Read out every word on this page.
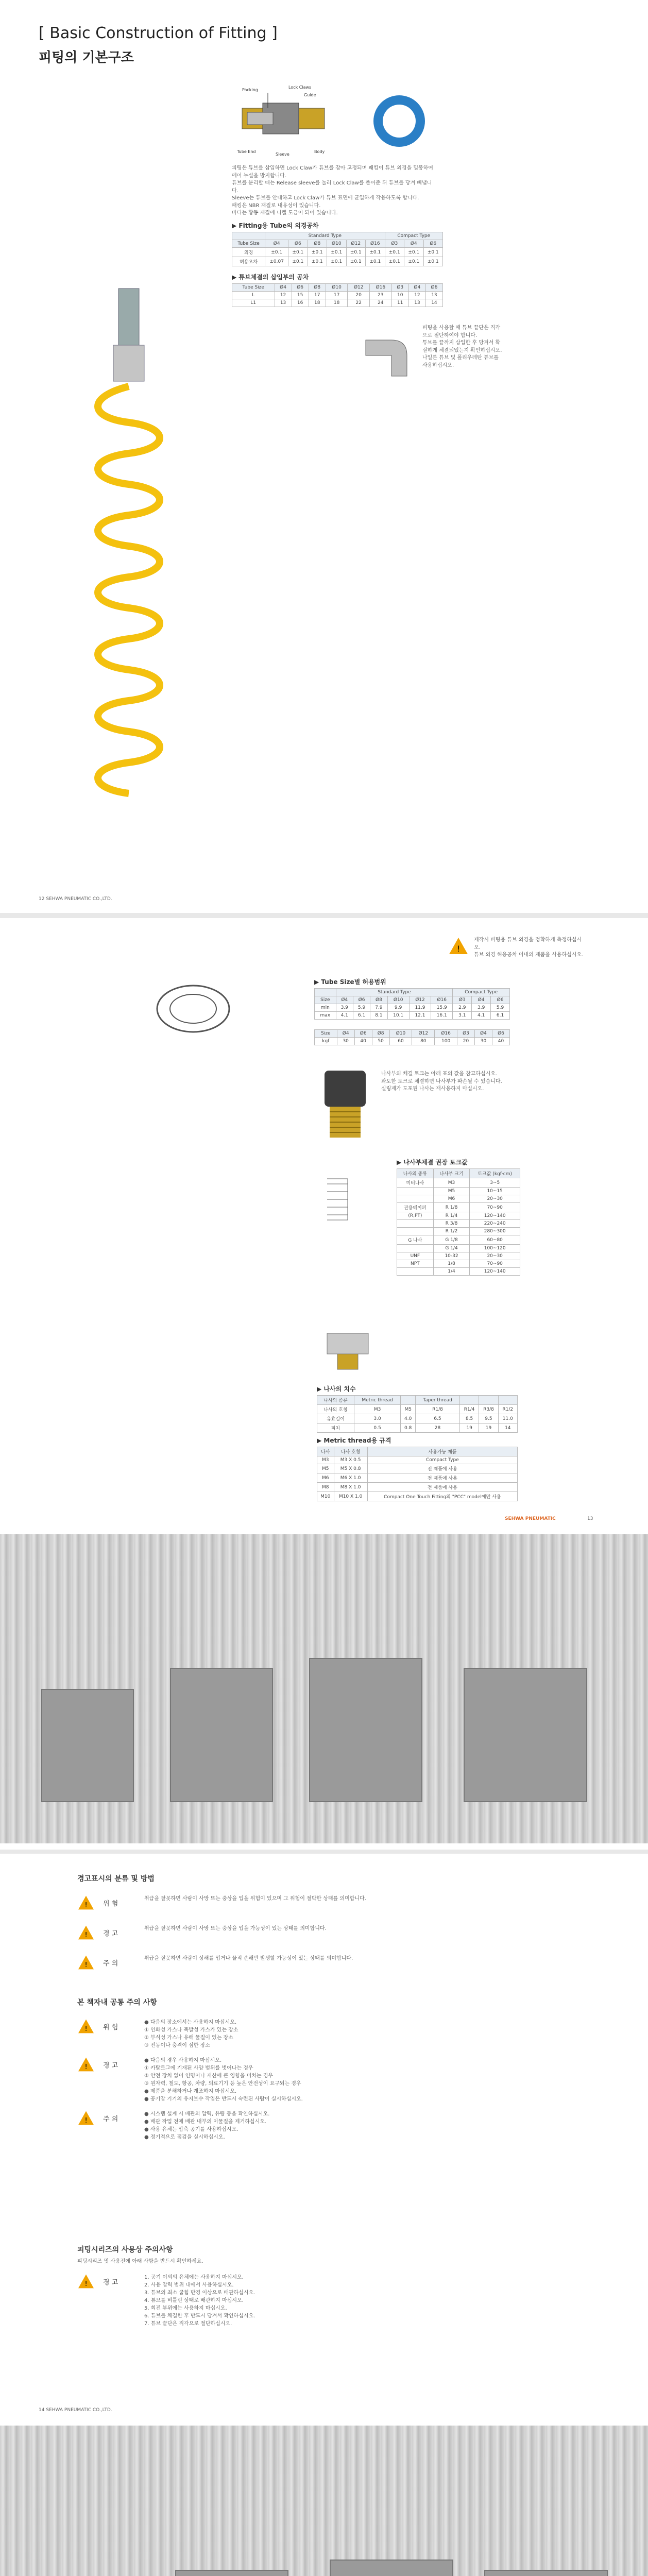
[ Basic Construction of Fitting ]
피팅의 기본구조
Packing
Lock Claws
Guide
Tube End
Sleeve
Body
피팅은 튜브를 삽입하면 Lock Claw가 튜브를 잡아 고정되며 패킹이 튜브 외경을 밀봉하여 에어 누설을 방지합니다.
튜브를 분리할 때는 Release sleeve를 눌러 Lock Claw를 풀어준 뒤 튜브를 당겨 빼냅니다.
Sleeve는 튜브를 안내하고 Lock Claw가 튜브 표면에 균일하게 작용하도록 합니다.
패킹은 NBR 재질로 내유성이 있습니다.
바디는 황동 재질에 니켈 도금이 되어 있습니다.
▶ Fitting용 Tube의 외경공차
	Standard Type						Compact Type		
Tube Size	Ø4	Ø6	Ø8	Ø10	Ø12	Ø16	Ø3	Ø4	Ø6
외경	±0.1	±0.1	±0.1	±0.1	±0.1	±0.1	±0.1	±0.1	±0.1
허용오차	±0.07	±0.1	±0.1	±0.1	±0.1	±0.1	±0.1	±0.1	±0.1
▶ 튜브체결의 삽입부의 공차
Tube Size	Ø4	Ø6	Ø8	Ø10	Ø12	Ø16	Ø3	Ø4	Ø6
L	12	15	17	17	20	23	10	12	13
L1	13	16	18	18	22	24	11	13	14
피팅을 사용할 때 튜브 끝단은 직각으로 절단하여야 합니다.
튜브를 끝까지 삽입한 후 당겨서 확실하게 체결되었는지 확인하십시오.
나일론 튜브 및 폴리우레탄 튜브를 사용하십시오.
12 SEHWA PNEUMATIC CO.,LTD.
!
제작시 피팅용 튜브 외경을 정확하게 측정하십시오.
튜브 외경 허용공차 이내의 제품을 사용하십시오.
▶ Tube Size별 허용범위
	Standard Type						Compact Type		
Size	Ø4	Ø6	Ø8	Ø10	Ø12	Ø16	Ø3	Ø4	Ø6
min	3.9	5.9	7.9	9.9	11.9	15.9	2.9	3.9	5.9
max	4.1	6.1	8.1	10.1	12.1	16.1	3.1	4.1	6.1
Size	Ø4	Ø6	Ø8	Ø10	Ø12	Ø16	Ø3	Ø4	Ø6
kgf	30	40	50	60	80	100	20	30	40
나사부의 체결 토크는 아래 표의 값을 참고하십시오.
과도한 토크로 체결하면 나사부가 파손될 수 있습니다.
실링제가 도포된 나사는 재사용하지 마십시오.
▶ 나사부체결 권장 토크값
나사의 종류	나사부 크기	토크값 (kgf·cm)
미터나사	M3	3~5
	M5	10~15
	M6	20~30
관용테이퍼	R 1/8	70~90
(R,PT)	R 1/4	120~140
	R 3/8	220~240
	R 1/2	280~300
G 나사	G 1/8	60~80
	G 1/4	100~120
UNF	10-32	20~30
NPT	1/8	70~90
	1/4	120~140
▶ 나사의 치수
나사의 종류	Metric thread		Taper thread			
나사의 호칭	M3	M5	R1/8	R1/4	R3/8	R1/2
유효길이	3.0	4.0	6.5	8.5	9.5	11.0
피치	0.5	0.8	28	19	19	14
▶ Metric thread용 규격
나사	나사 호칭	사용가능 제품
M3	M3 X 0.5	Compact Type
M5	M5 X 0.8	전 제품에 사용
M6	M6 X 1.0	전 제품에 사용
M8	M8 X 1.0	전 제품에 사용
M10	M10 X 1.0	Compact One Touch Fitting의 "PCC" model에만 사용
SEHWA PNEUMATIC	13
경고표시의 분류 및 방법
! 위 험
취급을 잘못하면 사람이 사망 또는 중상을 입을 위험이 있으며 그 위험이 절박한 상태를 의미합니다.
! 경 고
취급을 잘못하면 사람이 사망 또는 중상을 입을 가능성이 있는 상태를 의미합니다.
! 주 의
취급을 잘못하면 사람이 상해를 입거나 물적 손해만 발생할 가능성이 있는 상태를 의미합니다.
본 책자내 공통 주의 사항
! 위 험
● 다음의 장소에서는 사용하지 마십시오.
① 인화성 가스나 폭발성 가스가 있는 장소
② 부식성 가스나 유해 물질이 있는 장소
③ 진동이나 충격이 심한 장소
! 경 고
● 다음의 경우 사용하지 마십시오.
① 카탈로그에 기재된 사양 범위를 벗어나는 경우
② 안전 장치 없이 인명이나 재산에 큰 영향을 미치는 경우
③ 원자력, 철도, 항공, 차량, 의료기기 등 높은 안전성이 요구되는 경우
● 제품을 분해하거나 개조하지 마십시오.
● 공기압 기기의 유지보수 작업은 반드시 숙련된 사람이 실시하십시오.
! 주 의
● 시스템 설계 시 배관의 압력, 유량 등을 확인하십시오.
● 배관 작업 전에 배관 내부의 이물질을 제거하십시오.
● 사용 유체는 압축 공기를 사용하십시오.
● 정기적으로 점검을 실시하십시오.
피팅시리즈의 사용상 주의사항
피팅시리즈 및 사용전에 아래 사항을 반드시 확인하세요.
! 경 고
1. 공기 이외의 유체에는 사용하지 마십시오.
2. 사용 압력 범위 내에서 사용하십시오.
3. 튜브의 최소 굽힘 반경 이상으로 배관하십시오.
4. 튜브를 비틀린 상태로 배관하지 마십시오.
5. 회전 부위에는 사용하지 마십시오.
6. 튜브를 체결한 후 반드시 당겨서 확인하십시오.
7. 튜브 끝단은 직각으로 절단하십시오.
14 SEHWA PNEUMATIC CO.,LTD.
